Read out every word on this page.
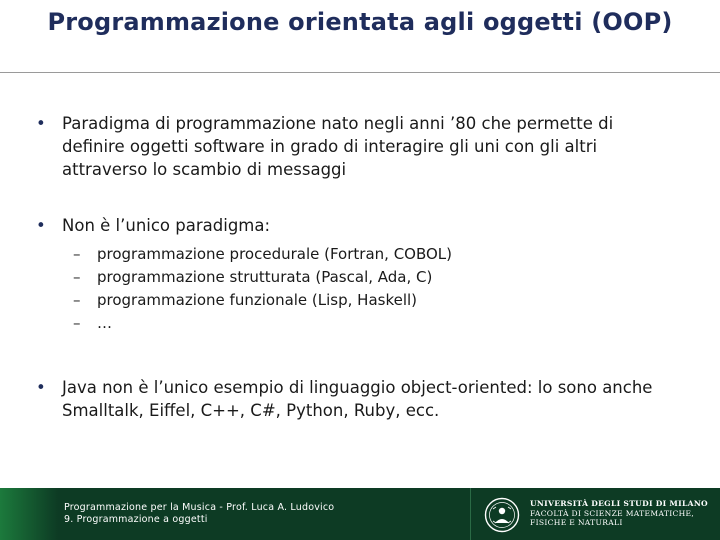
Programmazione orientata agli oggetti (OOP)
• Paradigma di programmazione nato negli anni ’80 che permette di definire oggetti software in grado di interagire gli uni con gli altri attraverso lo scambio di messaggi
• Non è l’unico paradigma:
– programmazione procedurale (Fortran, COBOL)
– programmazione strutturata (Pascal, Ada, C)
– programmazione funzionale (Lisp, Haskell)
– …
• Java non è l’unico esempio di linguaggio object-oriented: lo sono anche Smalltalk, Eiffel, C++, C#, Python, Ruby, ecc.
Programmazione per la Musica - Prof. Luca A. Ludovico
9. Programmazione a oggetti
UNIVERSITÀ DEGLI STUDI DI MILANO
FACOLTÀ DI SCIENZE MATEMATICHE,
FISICHE E NATURALI
